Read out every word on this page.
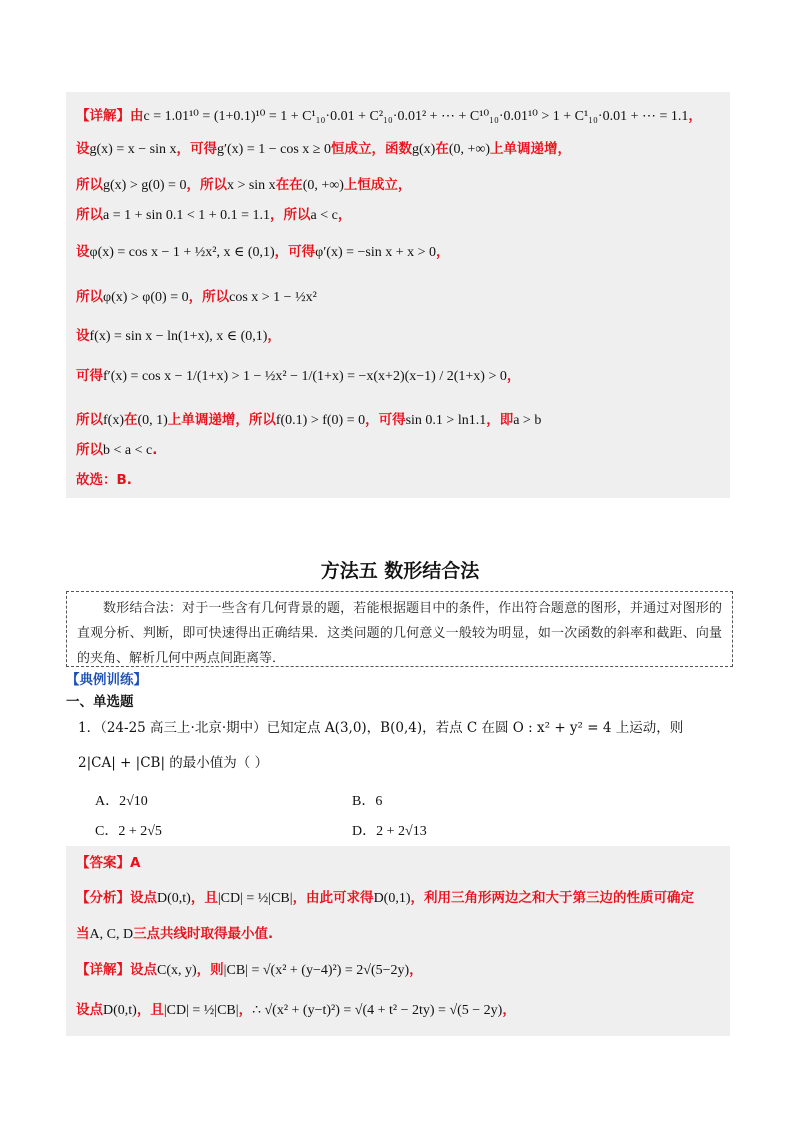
【详解】由c = 1.01¹⁰ = (1+0.1)¹⁰ = 1 + C¹₁₀·0.01 + C²₁₀·0.01² + ⋯ + C¹⁰₁₀·0.01¹⁰ > 1 + C¹₁₀·0.01 + ⋯ = 1.1，
设g(x) = x − sin x，可得g′(x) = 1 − cos x ≥ 0恒成立，函数g(x)在(0, +∞)上单调递增，
所以g(x) > g(0) = 0，所以x > sin x在在(0, +∞)上恒成立，
所以a = 1 + sin 0.1 < 1 + 0.1 = 1.1，所以a < c，
设φ(x) = cos x − 1 + ½x², x ∈ (0,1)，可得φ′(x) = −sin x + x > 0，
所以φ(x) > φ(0) = 0，所以cos x > 1 − ½x²
设f(x) = sin x − ln(1+x), x ∈ (0,1)，
可得f′(x) = cos x − 1/(1+x) > 1 − ½x² − 1/(1+x) = −x(x+2)(x−1) / 2(1+x) > 0，
所以f(x)在(0, 1)上单调递增，所以f(0.1) > f(0) = 0，可得sin 0.1 > ln1.1，即a > b
所以b < a < c.
故选：B.
方法五 数形结合法
数形结合法：对于一些含有几何背景的题，若能根据题目中的条件，作出符合题意的图形，并通过对图形的直观分析、判断，即可快速得出正确结果．这类问题的几何意义一般较为明显，如一次函数的斜率和截距、向量的夹角、解析几何中两点间距离等．
【典例训练】
一、单选题
1．（24-25 高三上·北京·期中）已知定点 A(3,0)，B(0,4)，若点 C 在圆 O : x² + y² = 4 上运动，则
2|CA| + |CB| 的最小值为（ ）
A．2√10	B．6
C．2 + 2√5	D．2 + 2√13
【答案】A
【分析】设点D(0,t)，且|CD| = ½|CB|，由此可求得D(0,1)，利用三角形两边之和大于第三边的性质可确定
当A, C, D三点共线时取得最小值.
【详解】设点C(x, y)，则|CB| = √(x² + (y−4)²) = 2√(5−2y)，
设点D(0,t)，且|CD| = ½|CB|，∴ √(x² + (y−t)²) = √(4 + t² − 2ty) = √(5 − 2y)，
